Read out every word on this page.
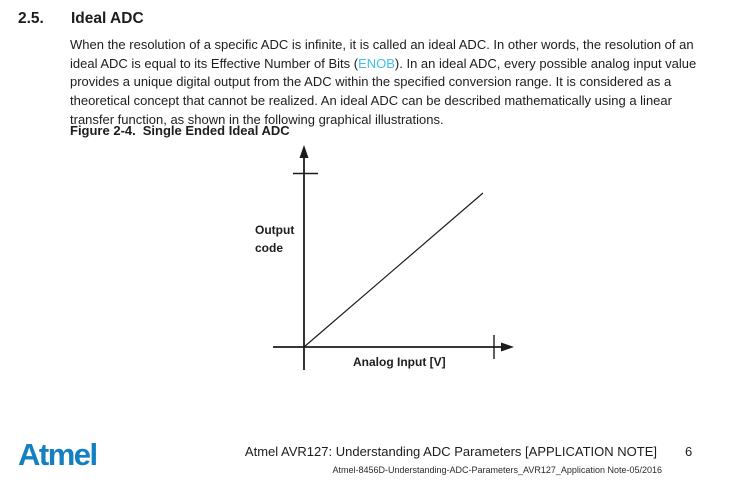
2.5. Ideal ADC

When the resolution of a specific ADC is infinite, it is called an ideal ADC. In other words, the resolution of an ideal ADC is equal to its Effective Number of Bits (ENOB). In an ideal ADC, every possible analog input value provides a unique digital output from the ADC within the specified conversion range. It is considered as a theoretical concept that cannot be realized. An ideal ADC can be described mathematically using a linear transfer function, as shown in the following graphical illustrations.

Figure 2-4. Single Ended Ideal ADC
Output
code
Analog Input [V]
Atmel	Atmel AVR127: Understanding ADC Parameters [APPLICATION NOTE] 6
Atmel-8456D-Understanding-ADC-Parameters_AVR127_Application Note-05/2016
